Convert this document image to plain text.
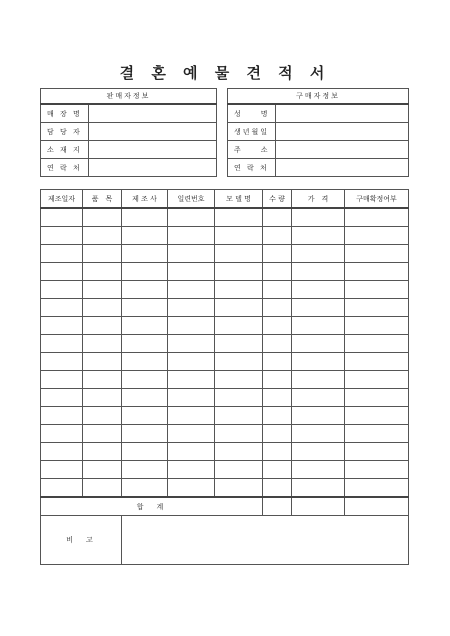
결 혼 예 물 견 적 서
판매자정보	
매 장 명	
담 당 자	
소 재 지	
연 락 처	
구매자정보	
성　　명	
생년월일	
주　　소	
연 락 처	
제조일자	품　목	제 조 사	일련번호	모 델 명	수 량	가　격	구매확정여부

합　계							
비　고							
